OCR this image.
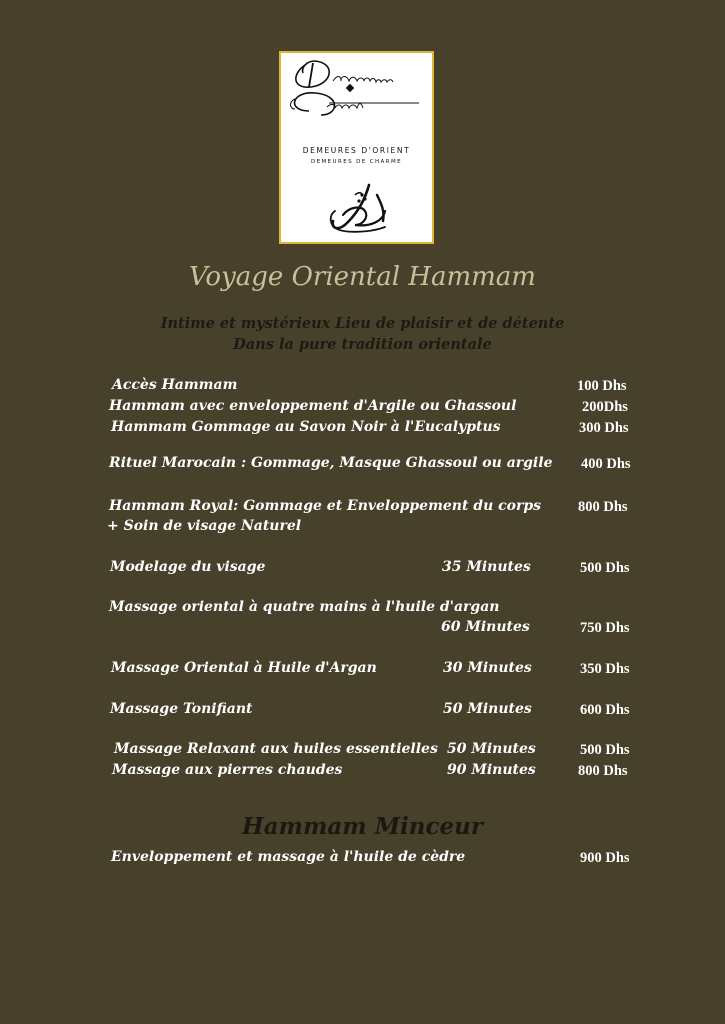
DEMEURES D'ORIENT
DEMEURES DE CHARME
Voyage Oriental Hammam
Intime et mystérieux Lieu de plaisir et de détente
Dans la pure tradition orientale
Accès Hammam	100 Dhs
Hammam avec enveloppement d'Argile ou Ghassoul	200Dhs
Hammam Gommage au Savon Noir à l'Eucalyptus	300 Dhs
Rituel Marocain : Gommage, Masque Ghassoul ou argile 400 Dhs
Hammam Royal: Gommage et Enveloppement du corps
+ Soin de visage Naturel
800 Dhs
Modelage du visage	35 Minutes	500 Dhs
Massage oriental à quatre mains à l'huile d'argan
60 Minutes	750 Dhs
Massage Oriental à Huile d'Argan	30 Minutes	350 Dhs
Massage Tonifiant	50 Minutes	600 Dhs
Massage Relaxant aux huiles essentielles 50 Minutes	500 Dhs
Massage aux pierres chaudes	90 Minutes	800 Dhs
Hammam Minceur
Enveloppement et massage à l'huile de cèdre	900 Dhs
